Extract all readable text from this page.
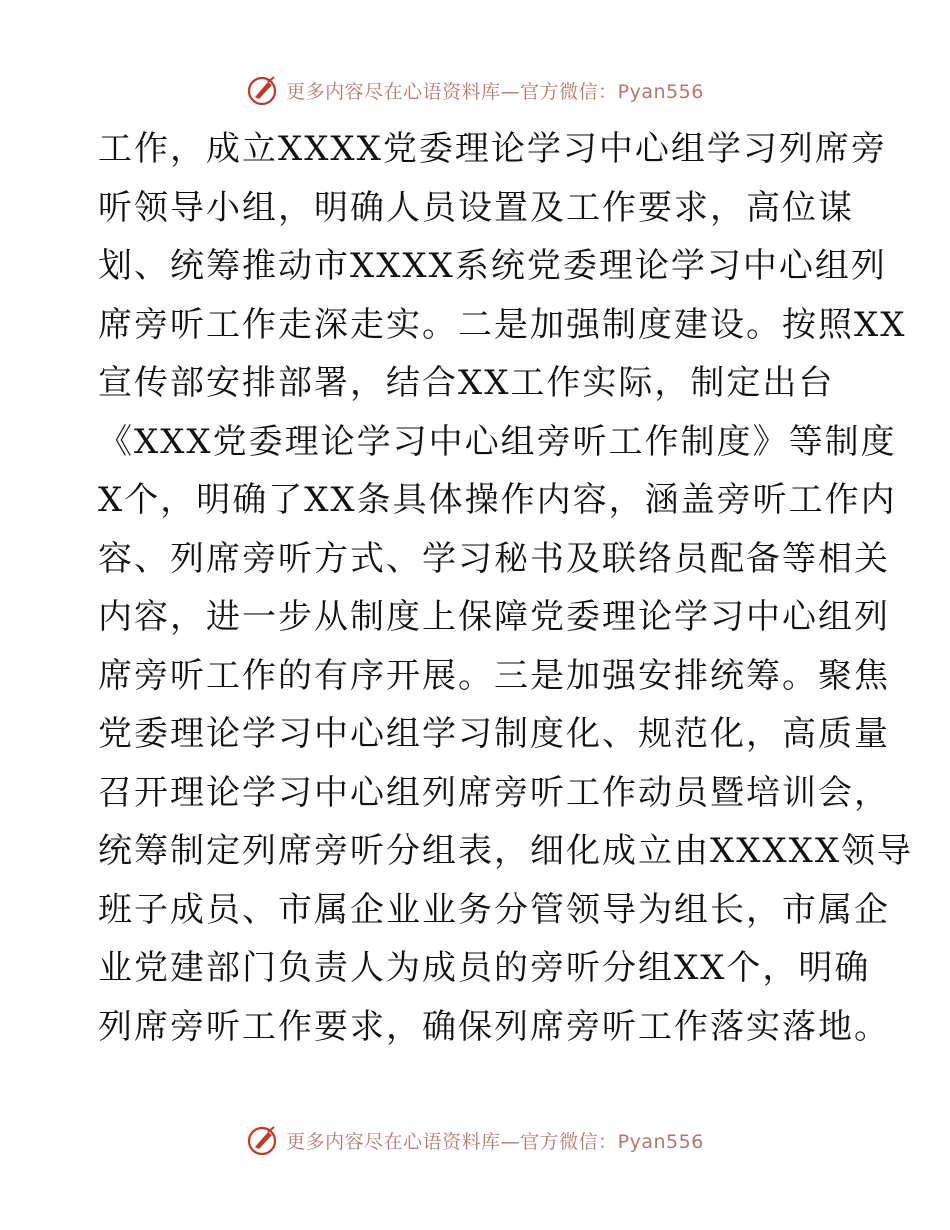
更多内容尽在心语资料库—官方微信：Pyan556
工作，成立XXXX党委理论学习中心组学习列席旁
听领导小组，明确人员设置及工作要求，高位谋
划、统筹推动市XXXX系统党委理论学习中心组列
席旁听工作走深走实。二是加强制度建设。按照XX
宣传部安排部署，结合XX工作实际，制定出台
《XXX党委理论学习中心组旁听工作制度》等制度
X个，明确了XX条具体操作内容，涵盖旁听工作内
容、列席旁听方式、学习秘书及联络员配备等相关
内容，进一步从制度上保障党委理论学习中心组列
席旁听工作的有序开展。三是加强安排统筹。聚焦
党委理论学习中心组学习制度化、规范化，高质量
召开理论学习中心组列席旁听工作动员暨培训会，
统筹制定列席旁听分组表，细化成立由XXXXX领导
班子成员、市属企业业务分管领导为组长，市属企
业党建部门负责人为成员的旁听分组XX个，明确
列席旁听工作要求，确保列席旁听工作落实落地。
更多内容尽在心语资料库—官方微信：Pyan556
